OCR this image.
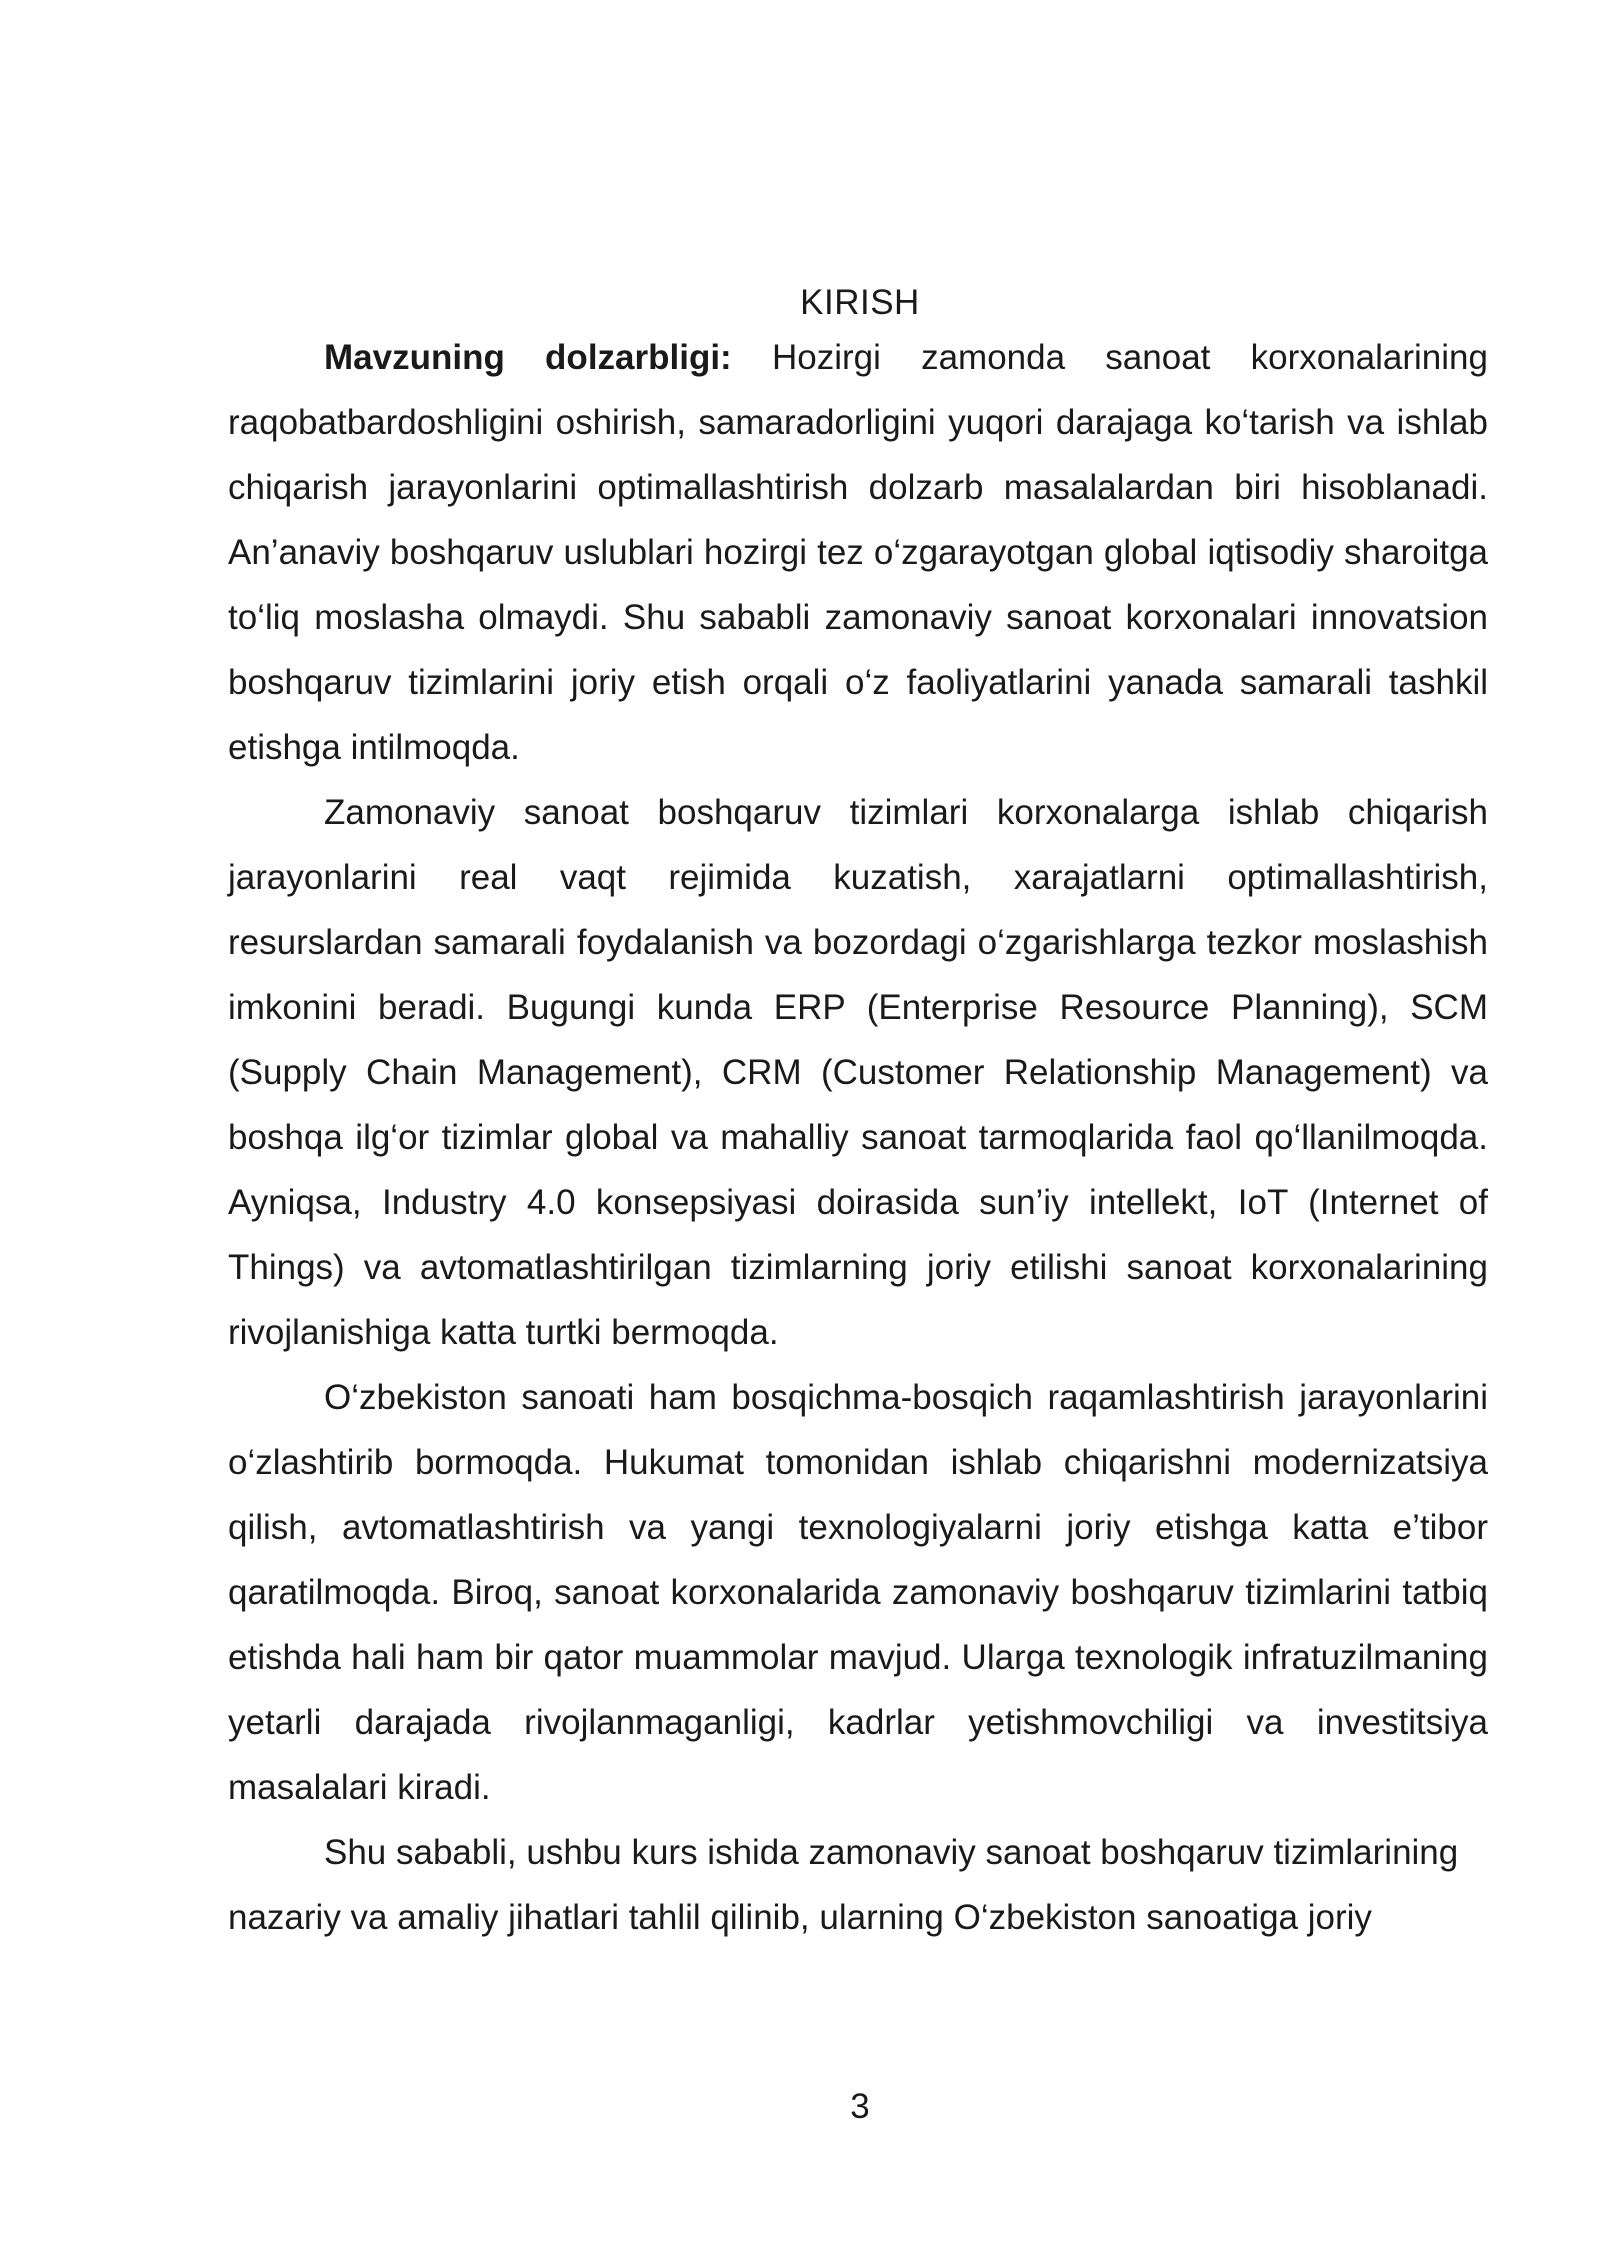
KIRISH

Mavzuning dolzarbligi: Hozirgi zamonda sanoat korxonalarining raqobatbardoshligini oshirish, samaradorligini yuqori darajaga ko‘tarish va ishlab chiqarish jarayonlarini optimallashtirish dolzarb masalalardan biri hisoblanadi. An’anaviy boshqaruv uslublari hozirgi tez o‘zgarayotgan global iqtisodiy sharoitga to‘liq moslasha olmaydi. Shu sababli zamonaviy sanoat korxonalari innovatsion boshqaruv tizimlarini joriy etish orqali o‘z faoliyatlarini yanada samarali tashkil etishga intilmoqda.

Zamonaviy sanoat boshqaruv tizimlari korxonalarga ishlab chiqarish jarayonlarini real vaqt rejimida kuzatish, xarajatlarni optimallashtirish, resurslardan samarali foydalanish va bozordagi o‘zgarishlarga tezkor moslashish imkonini beradi. Bugungi kunda ERP (Enterprise Resource Planning), SCM (Supply Chain Management), CRM (Customer Relationship Management) va boshqa ilg‘or tizimlar global va mahalliy sanoat tarmoqlarida faol qo‘llanilmoqda. Ayniqsa, Industry 4.0 konsepsiyasi doirasida sun’iy intellekt, IoT (Internet of Things) va avtomatlashtirilgan tizimlarning joriy etilishi sanoat korxonalarining rivojlanishiga katta turtki bermoqda.

O‘zbekiston sanoati ham bosqichma-bosqich raqamlashtirish jarayonlarini o‘zlashtirib bormoqda. Hukumat tomonidan ishlab chiqarishni modernizatsiya qilish, avtomatlashtirish va yangi texnologiyalarni joriy etishga katta e’tibor qaratilmoqda. Biroq, sanoat korxonalarida zamonaviy boshqaruv tizimlarini tatbiq etishda hali ham bir qator muammolar mavjud. Ularga texnologik infratuzilmaning yetarli darajada rivojlanmaganligi, kadrlar yetishmovchiligi va investitsiya masalalari kiradi.

Shu sababli, ushbu kurs ishida zamonaviy sanoat boshqaruv tizimlarining

nazariy va amaliy jihatlari tahlil qilinib, ularning O‘zbekiston sanoatiga joriy

3
